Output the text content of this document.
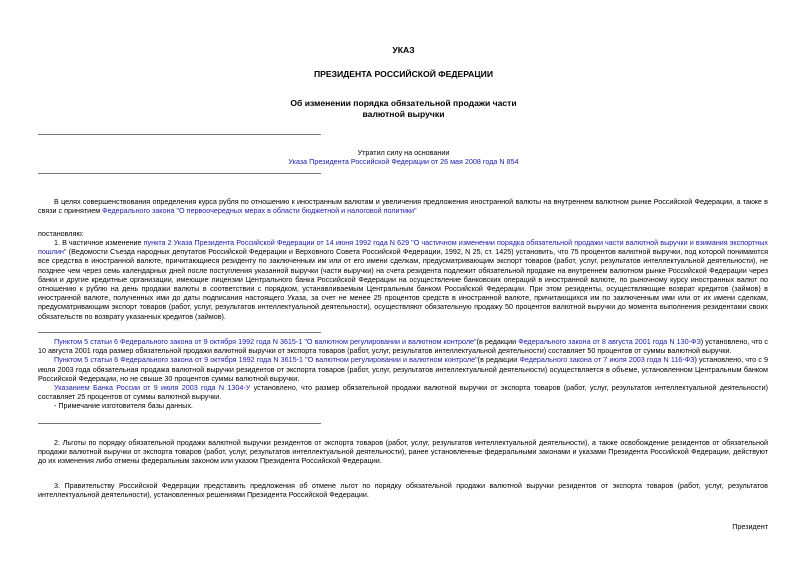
УКАЗ
ПРЕЗИДЕНТА РОССИЙСКОЙ ФЕДЕРАЦИИ
Об изменении порядка обязательной продажи части
валютной выручки
Утратил силу на основании
Указа Президента Российской Федерации от 26 мая 2008 года N 854
В целях совершенствования определения курса рубля по отношению к иностранным валютам и увеличения предложения иностранной валюты на внутреннем валютном рынке Российской Федерации, а также в связи с принятием Федерального закона "О первоочередных мерах в области бюджетной и налоговой политики"
постановляю:
1. В частичное изменение пункта 2 Указа Президента Российской Федерации от 14 июня 1992 года N 629 "О частичном изменении порядка обязательной продажи части валютной выручки и взимания экспортных пошлин" (Ведомости Съезда народных депутатов Российской Федерации и Верховного Совета Российской Федерации, 1992, N 25, ст. 1425) установить, что 75 процентов валютной выручки, под которой понимаются все средства в иностранной валюте, причитающиеся резиденту по заключенным им или от его имени сделкам, предусматривающим экспорт товаров (работ, услуг, результатов интеллектуальной деятельности), не позднее чем через семь календарных дней после поступления указанной выручки (части выручки) на счета резидента подлежит обязательной продаже на внутреннем валютном рынке Российской Федерации через банки и другие кредитные организации, имеющие лицензии Центрального банка Российской Федерации на осуществление банковских операций в иностранной валюте, по рыночному курсу иностранных валют по отношению к рублю на день продажи валюты в соответствии с порядком, устанавливаемым Центральным банком Российской Федерации. При этом резиденты, осуществляющие возврат кредитов (займов) в иностранной валюте, полученных ими до даты подписания настоящего Указа, за счет не менее 25 процентов средств в иностранной валюте, причитающихся им по заключенным ими или от их имени сделкам, предусматривающим экспорт товаров (работ, услуг, результатов интеллектуальной деятельности), осуществляют обязательную продажу 50 процентов валютной выручки до момента выполнения резидентами своих обязательств по возврату указанных кредитов (займов).

Пунктом 5 статьи 6 Федерального закона от 9 октября 1992 года N 3615-1 "О валютном регулировании и валютном контроле"(в редакции Федерального закона от 8 августа 2001 года N 130-ФЗ) установлено, что с 10 августа 2001 года размер обязательной продажи валютной выручки от экспорта товаров (работ, услуг, результатов интеллектуальной деятельности) составляет 50 процентов от суммы валютной выручки.

Пунктом 5 статьи 6 Федерального закона от 9 октября 1992 года N 3615-1 "О валютном регулировании и валютном контроле"(в редакции Федерального закона от 7 июля 2003 года N 116-ФЗ) установлено, что с 9 июля 2003 года обязательная продажа валютной выручки резидентов от экспорта товаров (работ, услуг, результатов интеллектуальной деятельности) осуществляется в объеме, установленном Центральным банком Российской Федерации, но не свыше 30 процентов суммы валютной выручки.

Указанием Банка России от 9 июля 2003 года N 1304-У установлено, что размер обязательной продажи валютной выручки от экспорта товаров (работ, услуг, результатов интеллектуальной деятельности) составляет 25 процентов от суммы валютной выручки.

- Примечание изготовителя базы данных.

2. Льготы по порядку обязательной продажи валютной выручки резидентов от экспорта товаров (работ, услуг, результатов интеллектуальной деятельности), а также освобождение резидентов от обязательной продажи валютной выручки от экспорта товаров (работ, услуг, результатов интеллектуальной деятельности), ранее установленные федеральными законами и указами Президента Российской Федерации, действуют до их изменения либо отмены федеральным законом или указом Президента Российской Федерации.
3. Правительству Российской Федерации представить предложения об отмене льгот по порядку обязательной продажи валютной выручки резидентов от экспорта товаров (работ, услуг, результатов интеллектуальной деятельности), установленных решениями Президента Российской Федерации.
Президент
